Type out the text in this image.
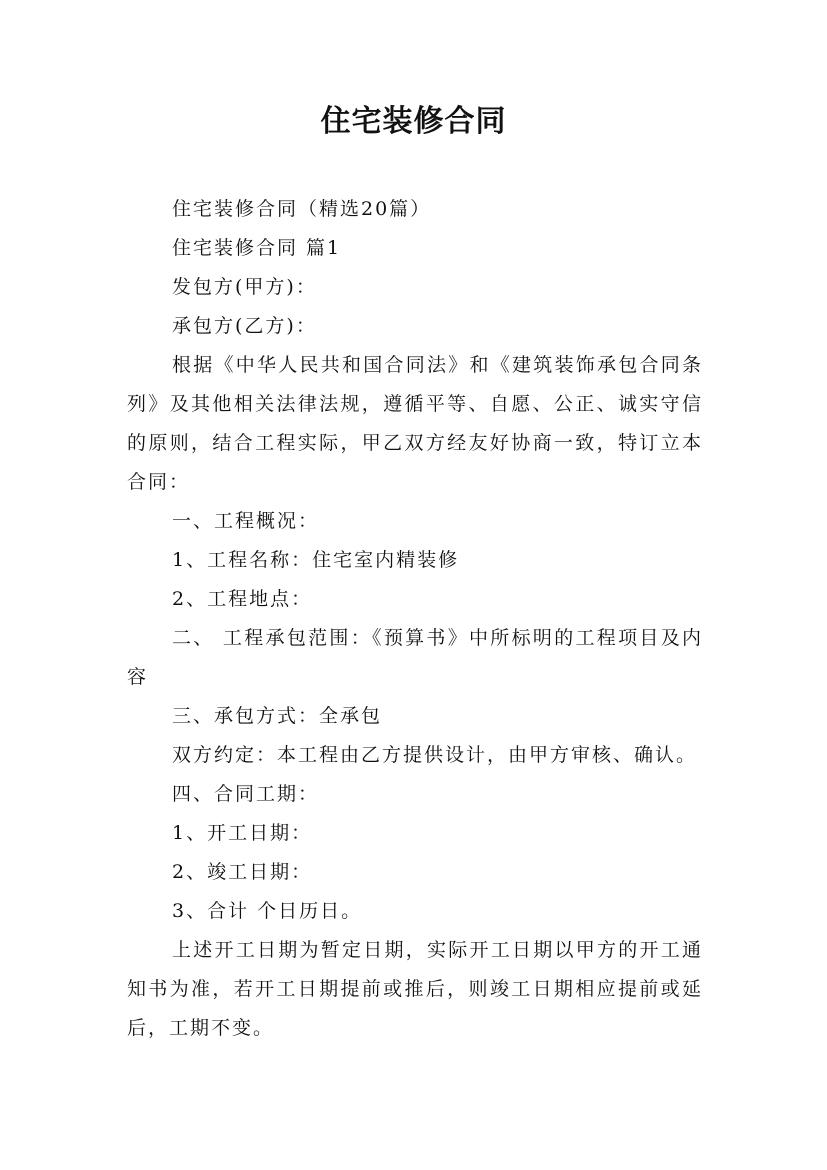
住宅装修合同

住宅装修合同（精选20篇）

住宅装修合同 篇1

发包方(甲方)：

承包方(乙方)：

根据《中华人民共和国合同法》和《建筑装饰承包合同条列》及其他相关法律法规，遵循平等、自愿、公正、诚实守信的原则，结合工程实际，甲乙双方经友好协商一致，特订立本合同：

一、工程概况：

1、工程名称：住宅室内精装修

2、工程地点：

二、 工程承包范围：《预算书》中所标明的工程项目及内容

三、承包方式：全承包

双方约定：本工程由乙方提供设计，由甲方审核、确认。

四、合同工期：

1、开工日期：

2、竣工日期：

3、合计 个日历日。

上述开工日期为暂定日期，实际开工日期以甲方的开工通知书为准，若开工日期提前或推后，则竣工日期相应提前或延后，工期不变。
